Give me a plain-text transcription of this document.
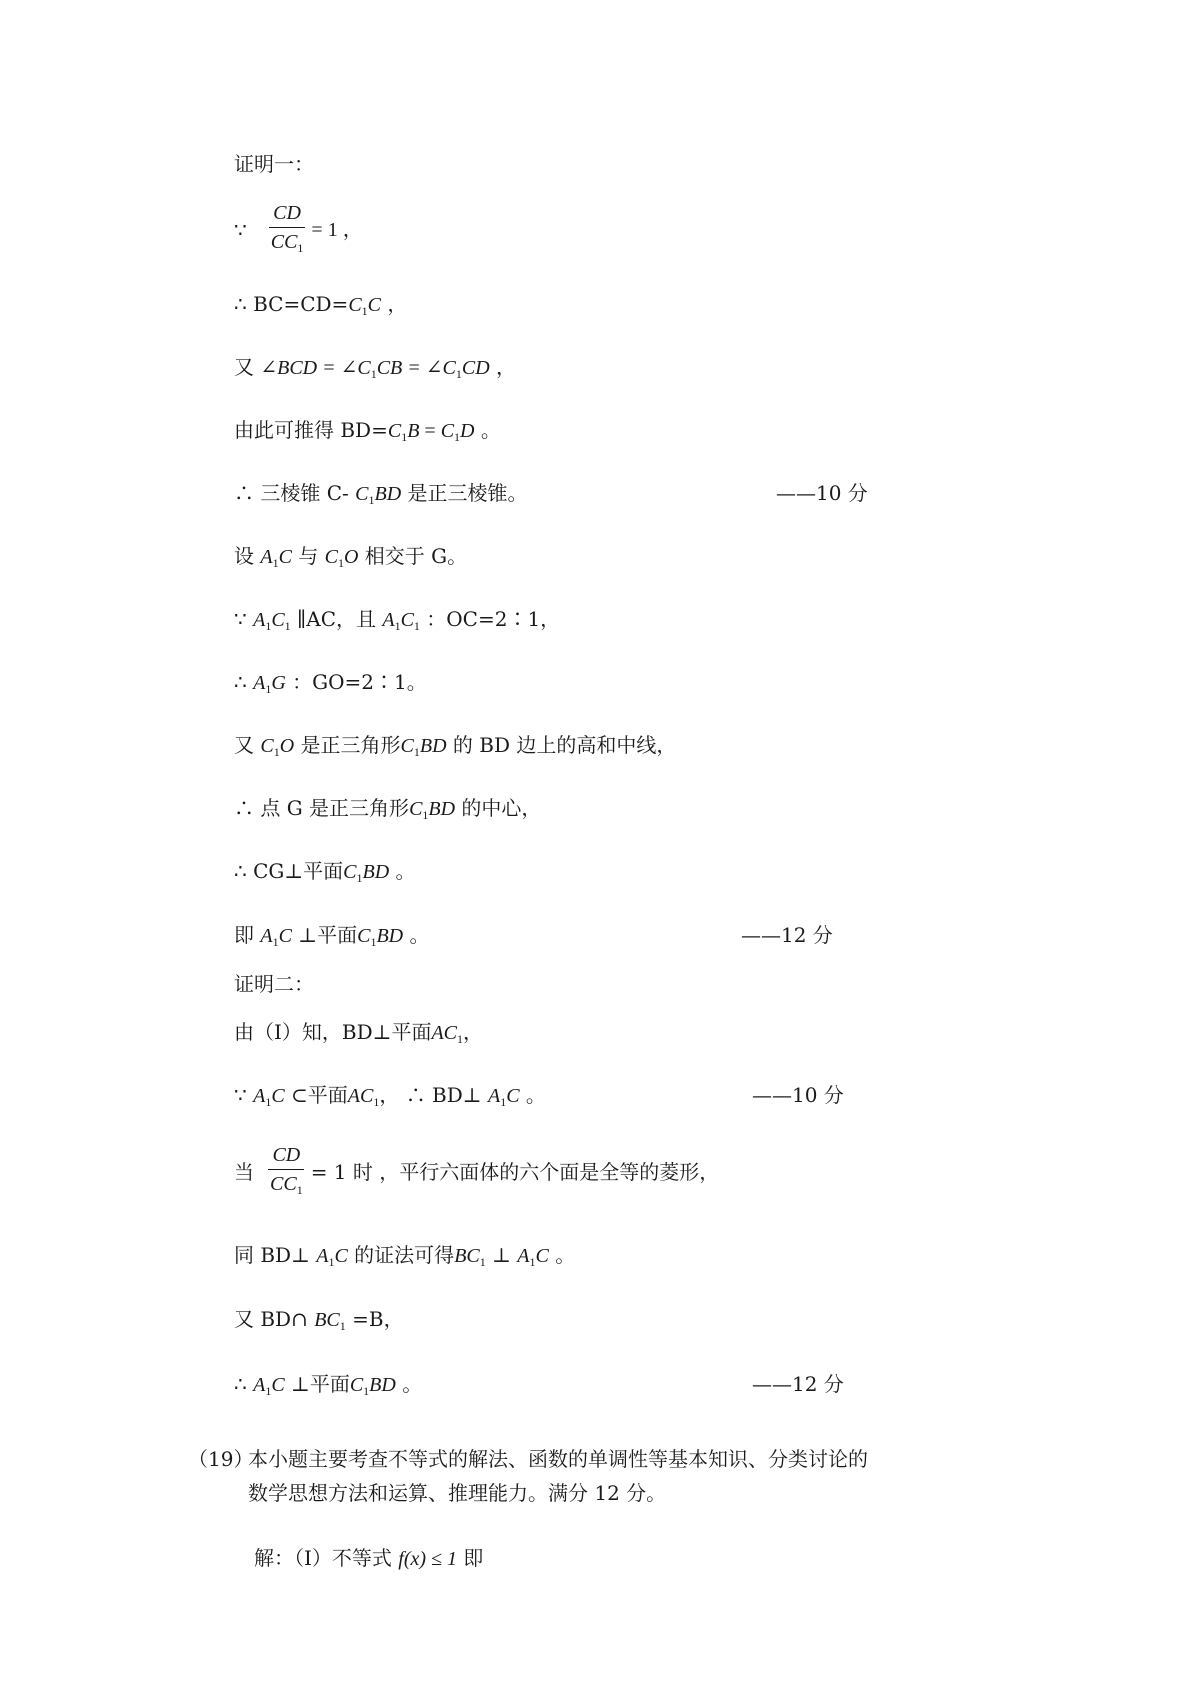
证明一：
∵ $\frac{CD}{CC_1} = 1$ ，
∴ $BC=CD=C_1C$ ，
又 ∠BCD = $\angle C_1CB$ = $\angle C_1CD$ ，
由此可推得 $BD=C_1B = C_1D$ 。
∴ 三棱锥 C- $C_1BD$ 是正三棱锥。	——10 分
设 $A_1C$ 与 $C_1O$ 相交于 G。
∵ $A_1C_1$ ∥AC，且 $A_1C_1$ ：OC=2∶1，
∴ $A_1G$ ：GO=2∶1。
又 $C_1O$ 是正三角形$C_1BD$ 的 BD 边上的高和中线，
∴ 点 G 是正三角形$C_1BD$ 的中心，
∴ CG⊥平面$C_1BD$ 。
即 $A_1C$ ⊥平面$C_1BD$ 。	——12 分
证明二：
由（I）知，BD⊥平面$AC_1$，
∵ $A_1C$ ⊂平面$AC_1$， ∴ BD⊥ $A_1C$ 。	——10 分
当 $\frac{CD}{CC_1} = 1$ 时 ，平行六面体的六个面是全等的菱形，
同 BD⊥ $A_1C$ 的证法可得$BC_1$ ⊥ $A_1C$ 。
又 BD∩ $BC_1 =B$，
∴ $A_1C$ ⊥平面$C_1BD$ 。	——12 分
（19）
本小题主要考查不等式的解法、函数的单调性等基本知识、分类讨论的
数学思想方法和运算、推理能力。满分 12 分。
解：（I）不等式 f(x) ≤ 1 即
